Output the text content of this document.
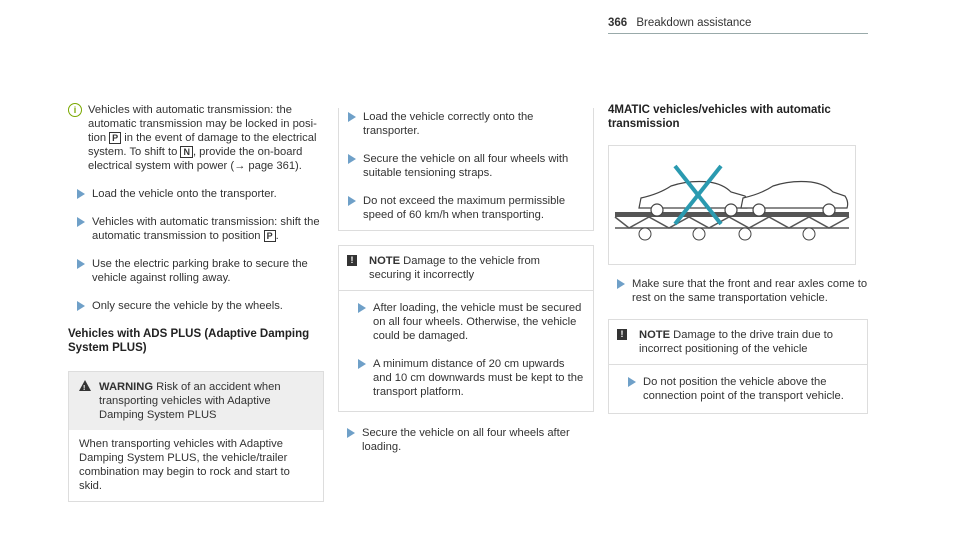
366 Breakdown assistance
i	Vehicles with automatic transmission: the automatic transmission may be locked in position P in the event of damage to the electrical system. To shift to N , provide the on-board electrical system with power (→ page 361).
Load the vehicle onto the transporter.
Vehicles with automatic transmission: shift the automatic transmission to position P .
Use the electric parking brake to secure the vehicle against rolling away.
Only secure the vehicle by the wheels.
Vehicles with ADS PLUS (Adaptive Damping System PLUS)
! WARNING Risk of an accident when transporting vehicles with Adaptive Damping System PLUS
When transporting vehicles with Adaptive Damping System PLUS, the vehicle/trailer combination may begin to rock and start to skid.
Load the vehicle correctly onto the transporter.
Secure the vehicle on all four wheels with suitable tensioning straps.
Do not exceed the maximum permissible speed of 60 km/h when transporting.
!	NOTE Damage to the vehicle from securing it incorrectly
After loading, the vehicle must be secured on all four wheels. Otherwise, the vehicle could be damaged.
A minimum distance of 20 cm upwards and 10 cm downwards must be kept to the transport platform.
Secure the vehicle on all four wheels after loading.
4MATIC vehicles/vehicles with automatic transmission
Make sure that the front and rear axles come to rest on the same transportation vehicle.
!	NOTE Damage to the drive train due to incorrect positioning of the vehicle
Do not position the vehicle above the connection point of the transport vehicle.
